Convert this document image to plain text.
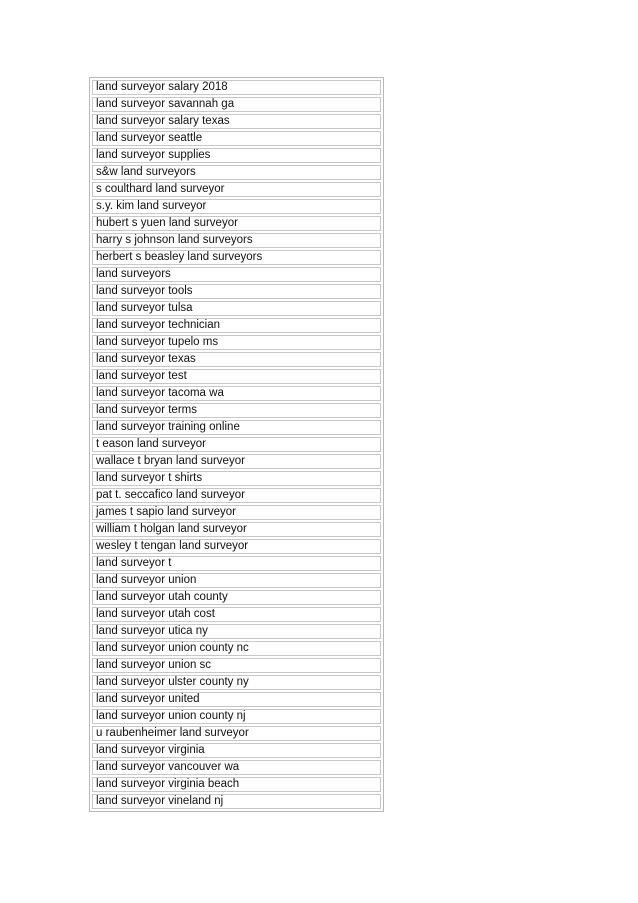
land surveyor salary 2018
land surveyor savannah ga
land surveyor salary texas
land surveyor seattle
land surveyor supplies
s&w land surveyors
s coulthard land surveyor
s.y. kim land surveyor
hubert s yuen land surveyor
harry s johnson land surveyors
herbert s beasley land surveyors
land surveyors
land surveyor tools
land surveyor tulsa
land surveyor technician
land surveyor tupelo ms
land surveyor texas
land surveyor test
land surveyor tacoma wa
land surveyor terms
land surveyor training online
t eason land surveyor
wallace t bryan land surveyor
land surveyor t shirts
pat t. seccafico land surveyor
james t sapio land surveyor
william t holgan land surveyor
wesley t tengan land surveyor
land surveyor t
land surveyor union
land surveyor utah county
land surveyor utah cost
land surveyor utica ny
land surveyor union county nc
land surveyor union sc
land surveyor ulster county ny
land surveyor united
land surveyor union county nj
u raubenheimer land surveyor
land surveyor virginia
land surveyor vancouver wa
land surveyor virginia beach
land surveyor vineland nj
